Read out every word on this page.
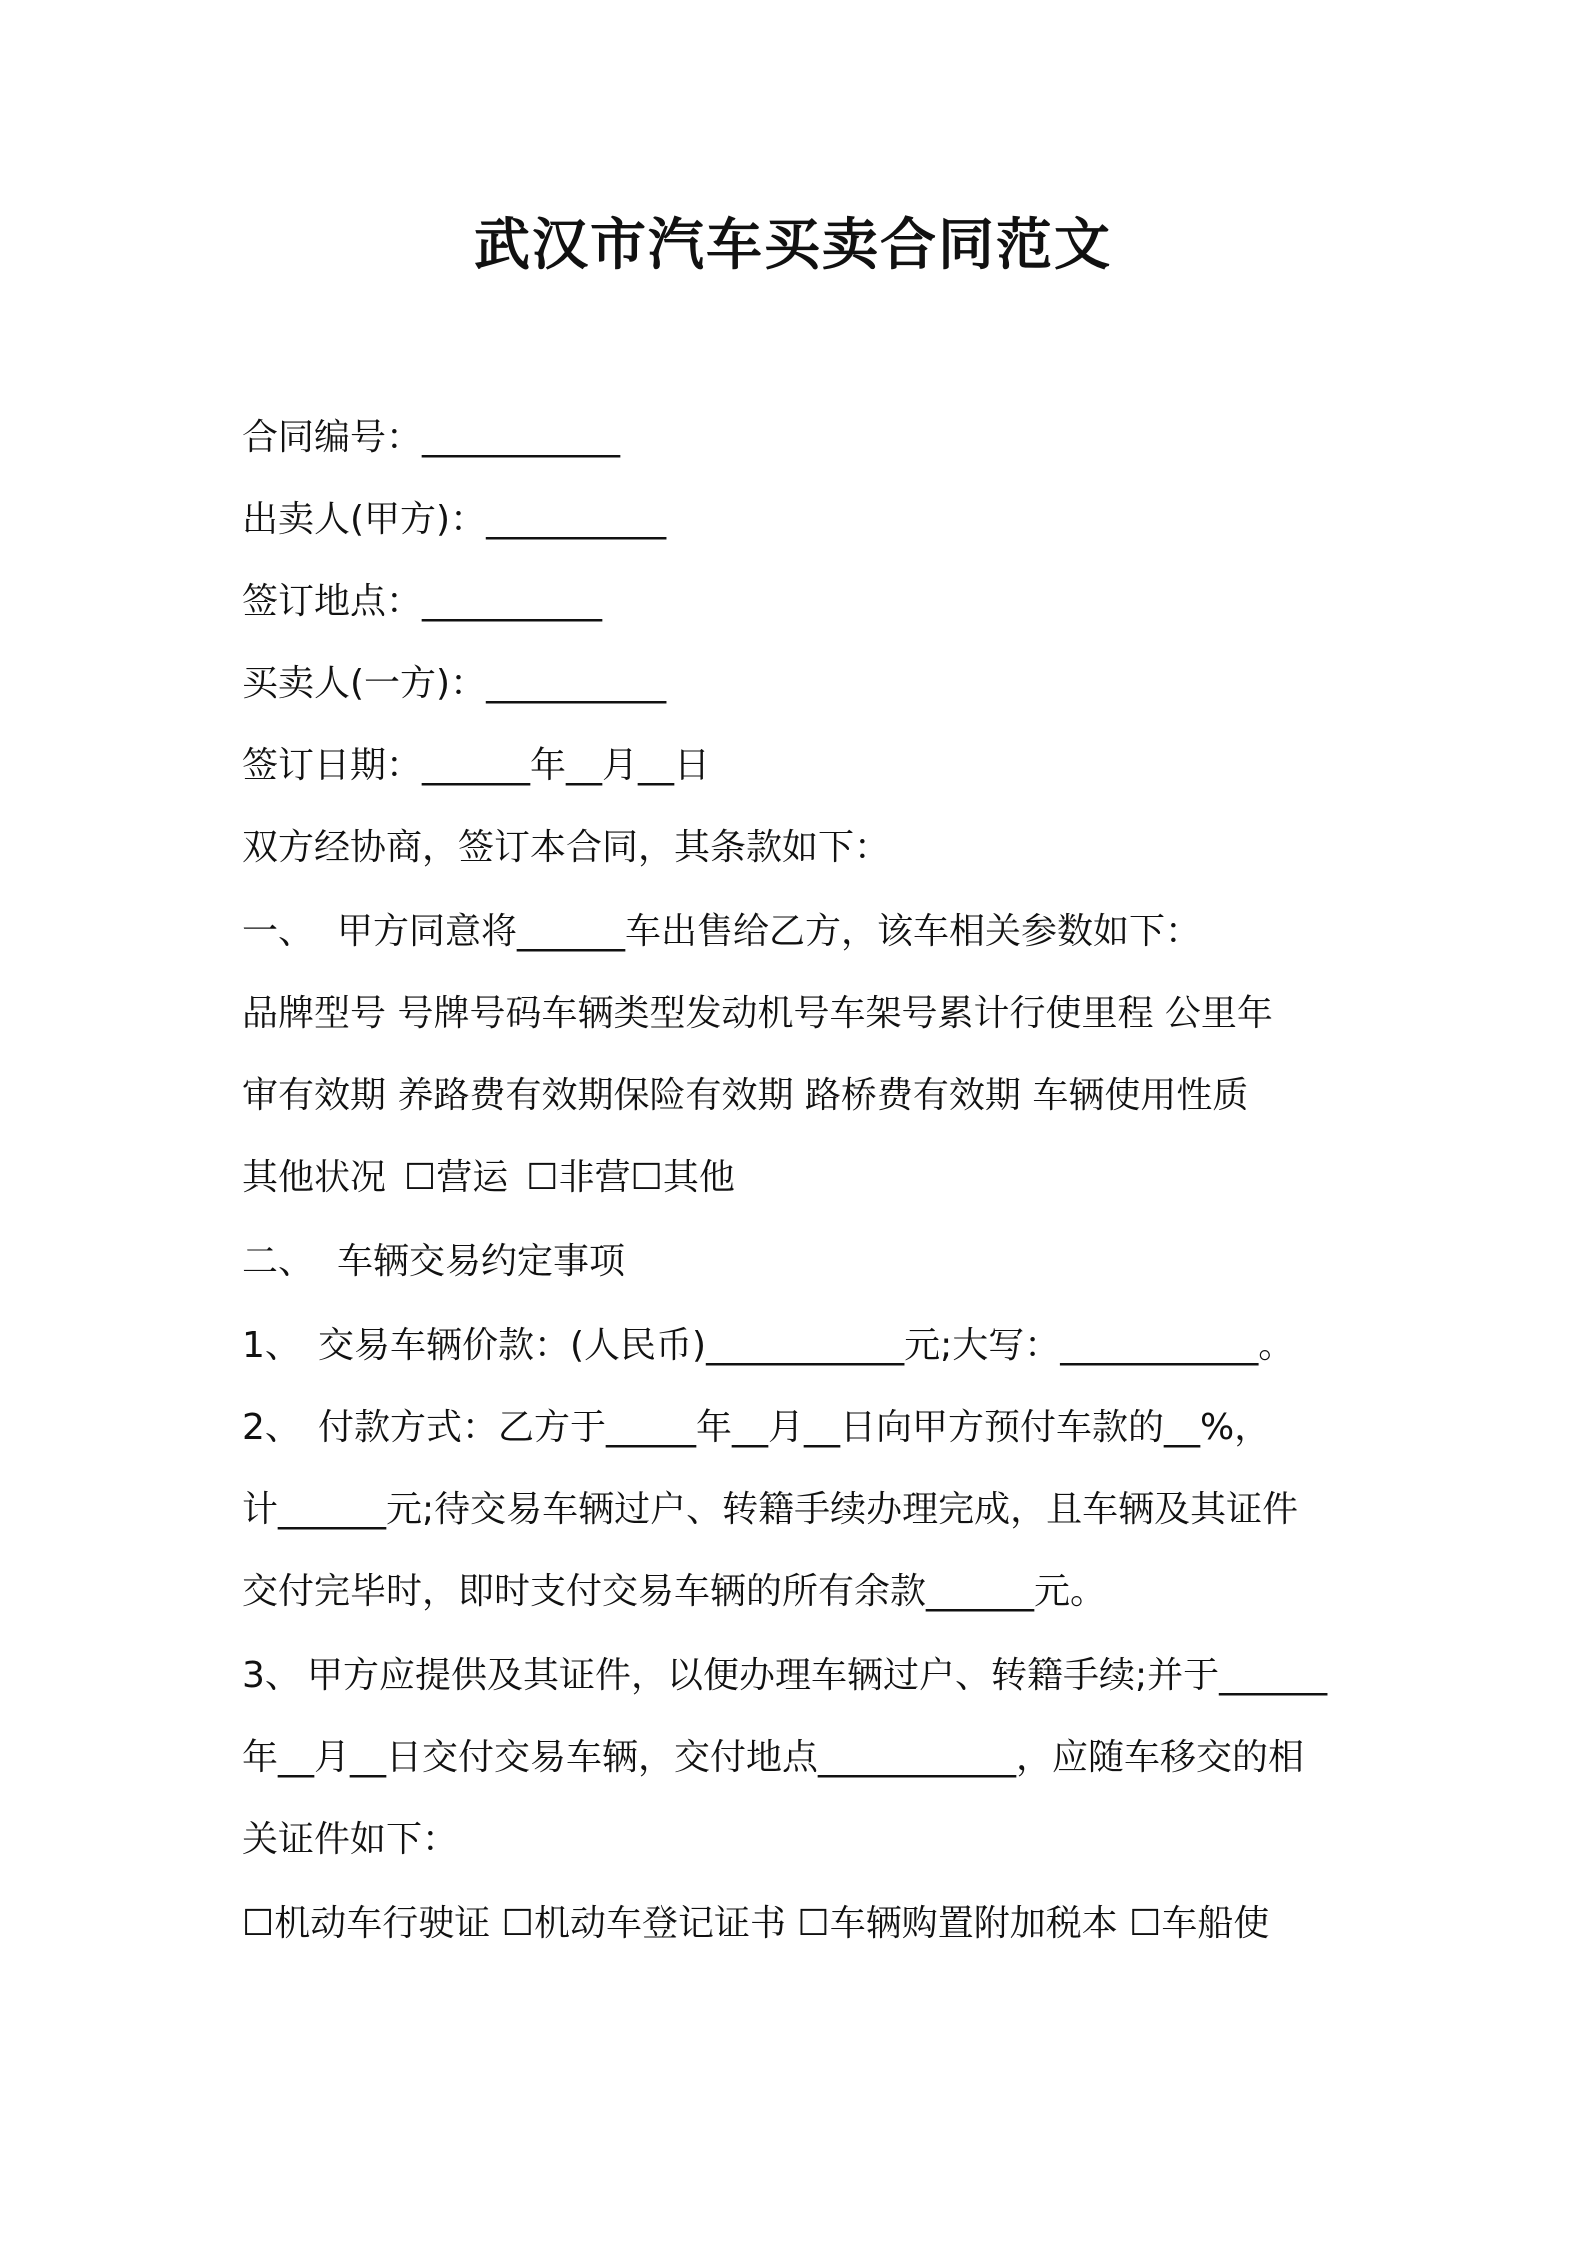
武汉市汽车买卖合同范文
合同编号：___________
出卖人(甲方)：__________
签订地点：__________
买卖人(一方)：__________
签订日期：______年__月__日
双方经协商，签订本合同，其条款如下：
一、 甲方同意将______车出售给乙方，该车相关参数如下：
品牌型号 号牌号码车辆类型发动机号车架号累计行使里程 公里年
审有效期 养路费有效期保险有效期 路桥费有效期 车辆使用性质
其他状况 ☐营运 ☐非营☐其他
二、 车辆交易约定事项
1、 交易车辆价款：(人民币)___________元;大写：___________。
2、 付款方式：乙方于_____年__月__日向甲方预付车款的__%，
计______元;待交易车辆过户、转籍手续办理完成，且车辆及其证件
交付完毕时，即时支付交易车辆的所有余款______元。
3、 甲方应提供及其证件，以便办理车辆过户、转籍手续;并于______
年__月__日交付交易车辆，交付地点___________，应随车移交的相
关证件如下：
☐机动车行驶证 ☐机动车登记证书 ☐车辆购置附加税本 ☐车船使
